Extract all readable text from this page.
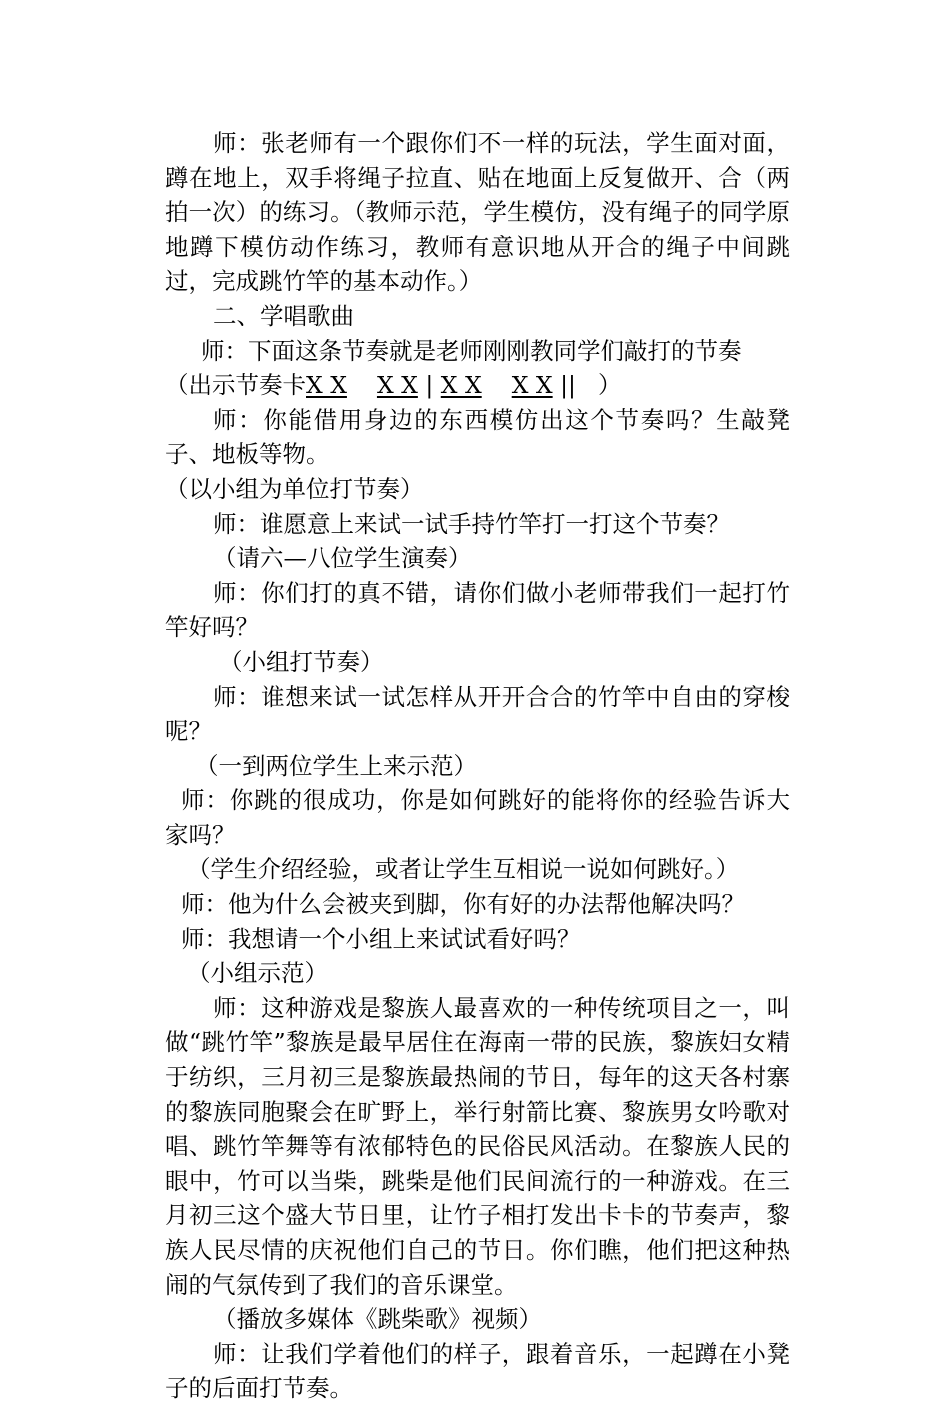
师：张老师有一个跟你们不一样的玩法，学生面对面，蹲在地上，双手将绳子拉直、贴在地面上反复做开、合（两拍一次）的练习。（教师示范，学生模仿，没有绳子的同学原地蹲下模仿动作练习，教师有意识地从开合的绳子中间跳过，完成跳竹竿的基本动作。）

二、学唱歌曲

师：下面这条节奏就是老师刚刚教同学们敲打的节奏

（出示节奏卡X X X X | X X X X || ）

师：你能借用身边的东西模仿出这个节奏吗？生敲凳子、地板等物。

（以小组为单位打节奏）

师：谁愿意上来试一试手持竹竿打一打这个节奏？

（请六—八位学生演奏）

师：你们打的真不错，请你们做小老师带我们一起打竹竿好吗？

（小组打节奏）

师：谁想来试一试怎样从开开合合的竹竿中自由的穿梭呢？

（一到两位学生上来示范）

师：你跳的很成功，你是如何跳好的能将你的经验告诉大家吗？

（学生介绍经验，或者让学生互相说一说如何跳好。）

师：他为什么会被夹到脚，你有好的办法帮他解决吗？

师：我想请一个小组上来试试看好吗？

（小组示范）

师：这种游戏是黎族人最喜欢的一种传统项目之一，叫做“跳竹竿”黎族是最早居住在海南一带的民族，黎族妇女精于纺织，三月初三是黎族最热闹的节日，每年的这天各村寨的黎族同胞聚会在旷野上，举行射箭比赛、黎族男女吟歌对唱、跳竹竿舞等有浓郁特色的民俗民风活动。在黎族人民的眼中，竹可以当柴，跳柴是他们民间流行的一种游戏。在三月初三这个盛大节日里，让竹子相打发出卡卡的节奏声，黎族人民尽情的庆祝他们自己的节日。你们瞧，他们把这种热闹的气氛传到了我们的音乐课堂。

（播放多媒体《跳柴歌》视频）

师：让我们学着他们的样子，跟着音乐，一起蹲在小凳子的后面打节奏。
